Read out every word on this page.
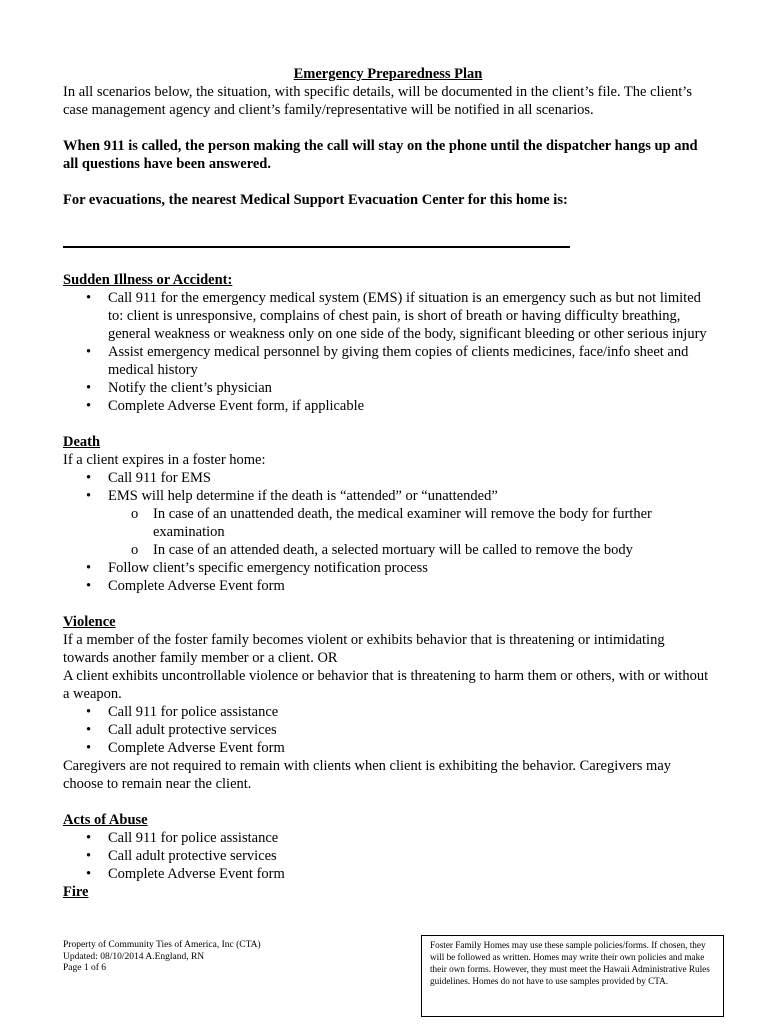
Emergency Preparedness Plan

In all scenarios below, the situation, with specific details, will be documented in the client’s file. The client’s case management agency and client’s family/representative will be notified in all scenarios.

When 911 is called, the person making the call will stay on the phone until the dispatcher hangs up and all questions have been answered.

For evacuations, the nearest Medical Support Evacuation Center for this home is:

Sudden Illness or Accident:

• Call 911 for the emergency medical system (EMS) if situation is an emergency such as but not limited to: client is unresponsive, complains of chest pain, is short of breath or having difficulty breathing, general weakness or weakness only on one side of the body, significant bleeding or other serious injury
• Assist emergency medical personnel by giving them copies of clients medicines, face/info sheet and medical history
• Notify the client’s physician
• Complete Adverse Event form, if applicable

Death

If a client expires in a foster home:

• Call 911 for EMS
• EMS will help determine if the death is “attended” or “unattended”
o In case of an unattended death, the medical examiner will remove the body for further examination
o In case of an attended death, a selected mortuary will be called to remove the body
• Follow client’s specific emergency notification process
• Complete Adverse Event form

Violence

If a member of the foster family becomes violent or exhibits behavior that is threatening or intimidating towards another family member or a client. OR

A client exhibits uncontrollable violence or behavior that is threatening to harm them or others, with or without a weapon.

• Call 911 for police assistance
• Call adult protective services
• Complete Adverse Event form

Caregivers are not required to remain with clients when client is exhibiting the behavior. Caregivers may choose to remain near the client.

Acts of Abuse

• Call 911 for police assistance
• Call adult protective services
• Complete Adverse Event form

Fire

Property of Community Ties of America, Inc (CTA)
Updated: 08/10/2014 A.England, RN
Page 1 of 6
Foster Family Homes may use these sample policies/forms. If chosen, they will be followed as written. Homes may write their own policies and make their own forms. However, they must meet the Hawaii Administrative Rules guidelines. Homes do not have to use samples provided by CTA.
